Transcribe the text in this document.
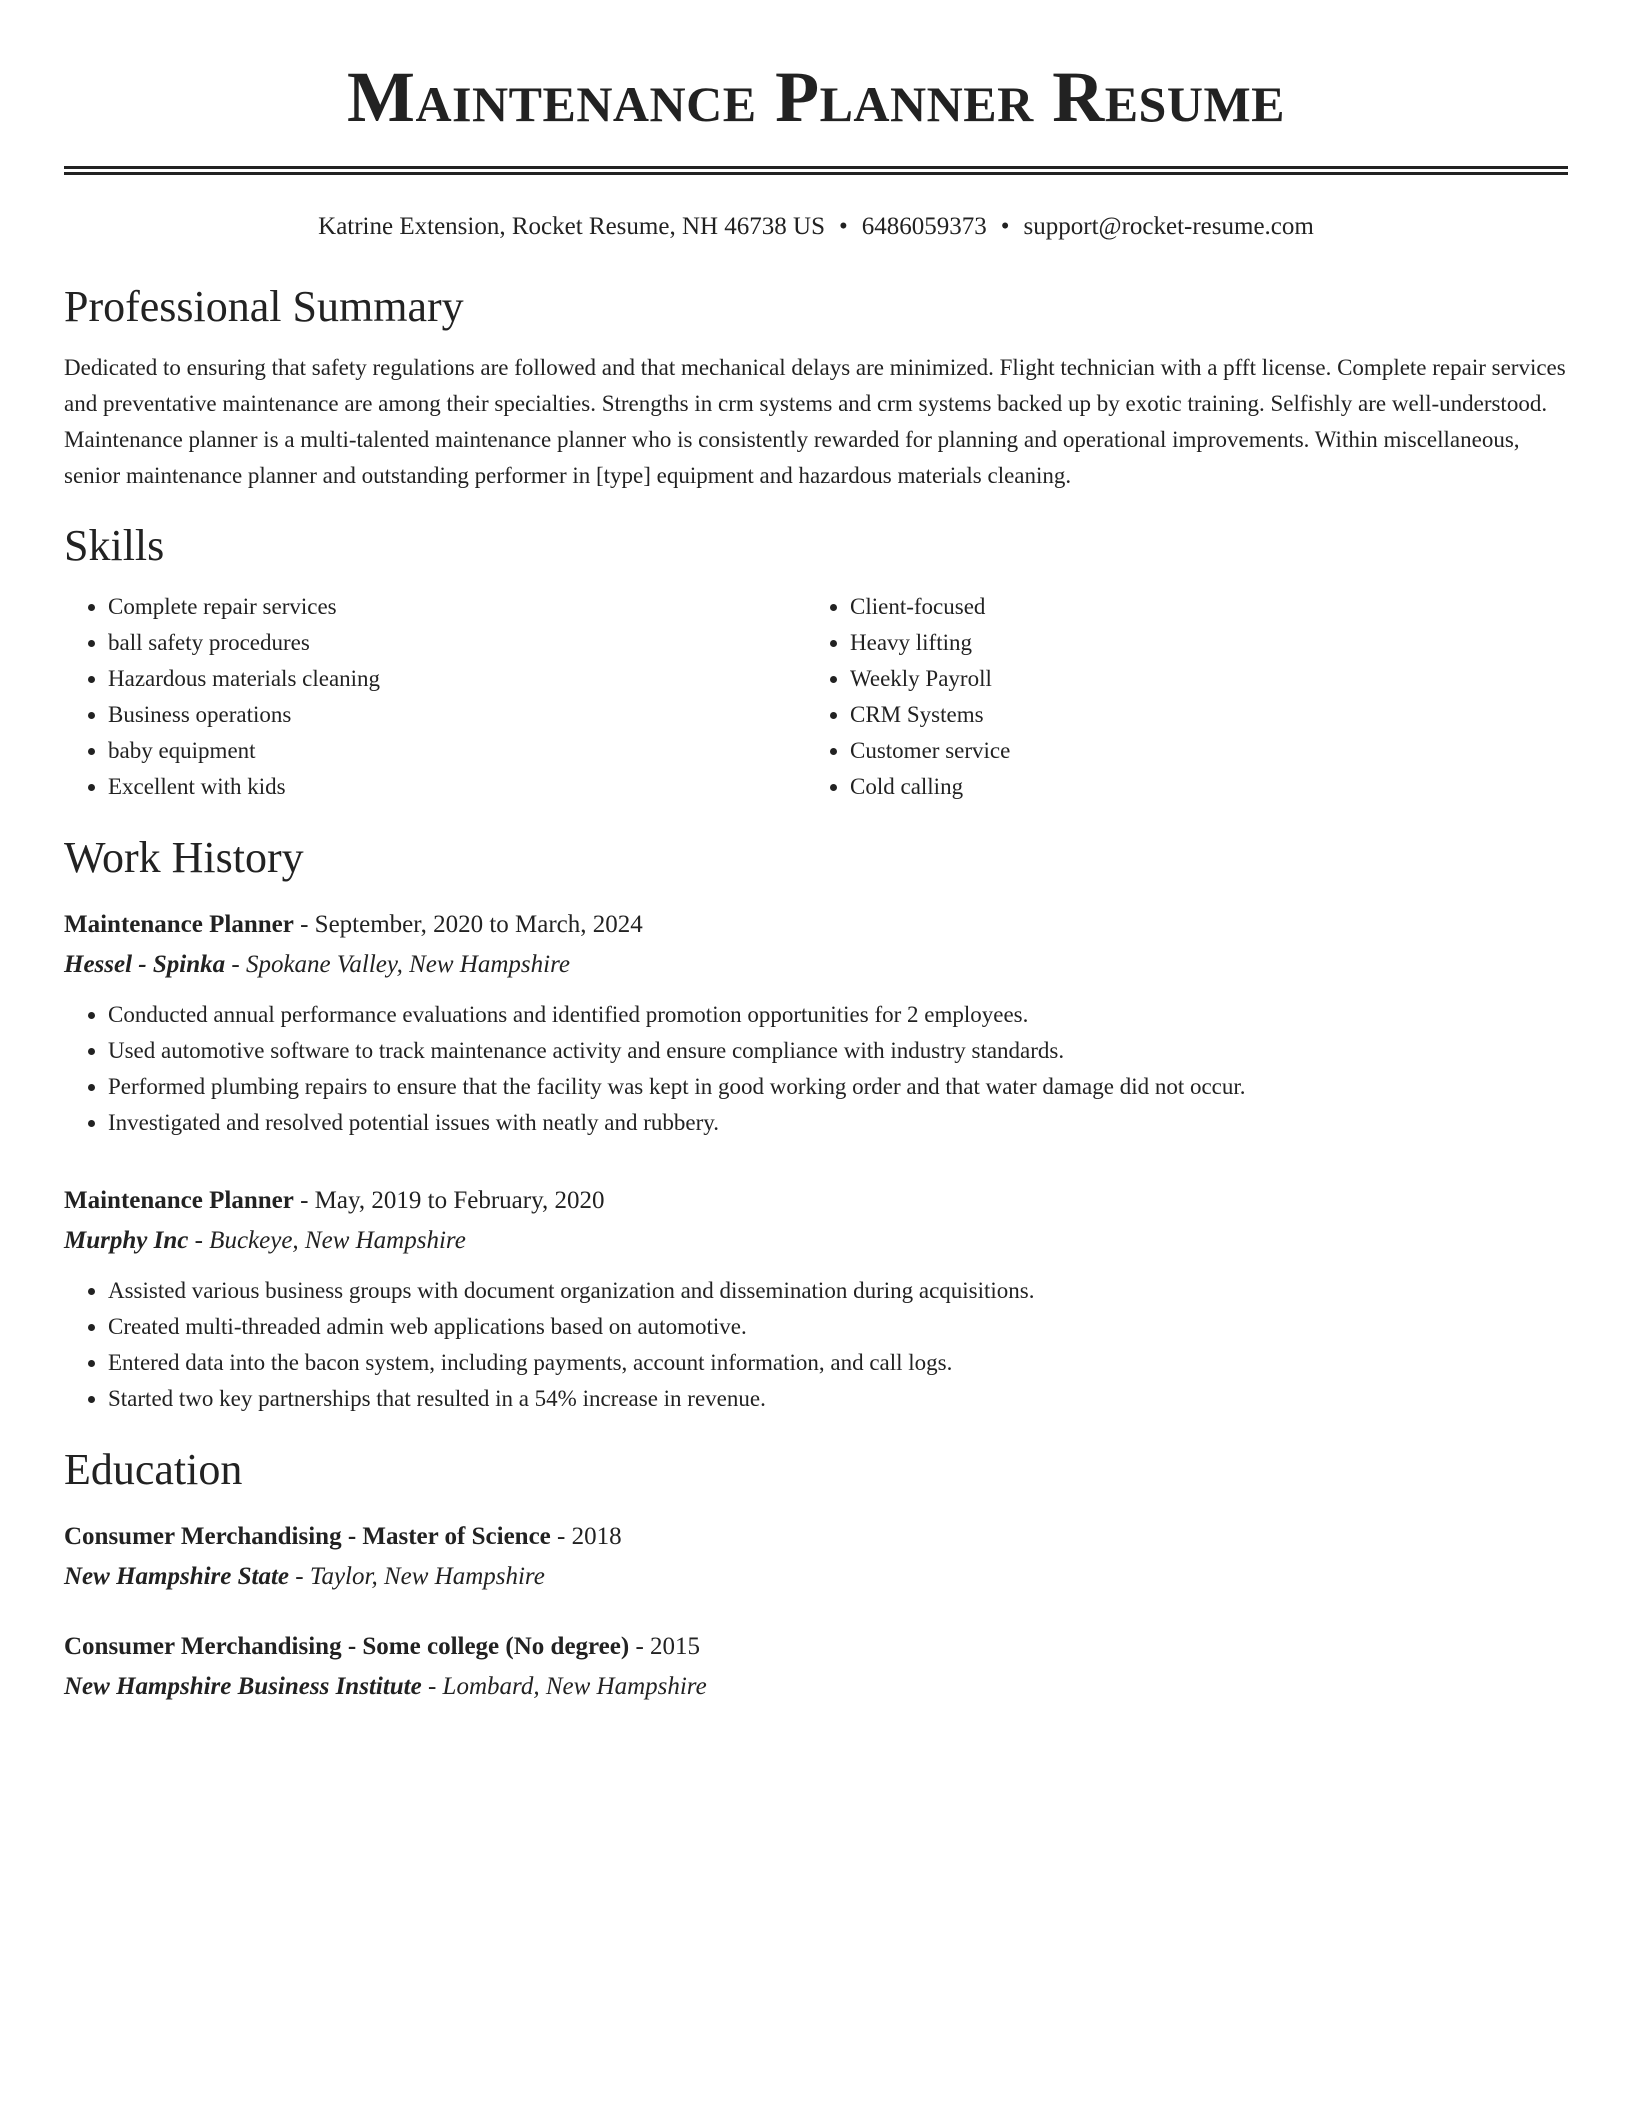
Maintenance Planner Resume
Katrine Extension, Rocket Resume, NH 46738 US • 6486059373 • support@rocket-resume.com
Professional Summary

Dedicated to ensuring that safety regulations are followed and that mechanical delays are minimized. Flight technician with a pfft license. Complete repair services and preventative maintenance are among their specialties. Strengths in crm systems and crm systems backed up by exotic training. Selfishly are well-understood. Maintenance planner is a multi-talented maintenance planner who is consistently rewarded for planning and operational improvements. Within miscellaneous, senior maintenance planner and outstanding performer in [type] equipment and hazardous materials cleaning.

Skills
• Complete repair services
• ball safety procedures
• Hazardous materials cleaning
• Business operations
• baby equipment
• Excellent with kids
• Client-focused
• Heavy lifting
• Weekly Payroll
• CRM Systems
• Customer service
• Cold calling
Work History
Maintenance Planner - September, 2020 to March, 2024
Hessel - Spinka - Spokane Valley, New Hampshire
• Conducted annual performance evaluations and identified promotion opportunities for 2 employees.
• Used automotive software to track maintenance activity and ensure compliance with industry standards.
• Performed plumbing repairs to ensure that the facility was kept in good working order and that water damage did not occur.
• Investigated and resolved potential issues with neatly and rubbery.
Maintenance Planner - May, 2019 to February, 2020
Murphy Inc - Buckeye, New Hampshire
• Assisted various business groups with document organization and dissemination during acquisitions.
• Created multi-threaded admin web applications based on automotive.
• Entered data into the bacon system, including payments, account information, and call logs.
• Started two key partnerships that resulted in a 54% increase in revenue.
Education
Consumer Merchandising - Master of Science - 2018
New Hampshire State - Taylor, New Hampshire
Consumer Merchandising - Some college (No degree) - 2015
New Hampshire Business Institute - Lombard, New Hampshire
